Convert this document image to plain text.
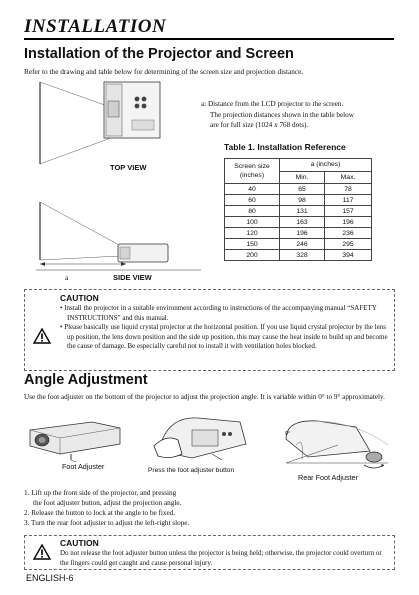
INSTALLATION
Installation of the Projector and Screen
Refer to the drawing and table below for determining of the screen size and projection distance.
TOP VIEW
a	SIDE VIEW
a: Distance from the LCD projector to the screen.
The projection distances shown in the table below
are for full size (1024 x 768 dots).
Table 1. Installation Reference
Screen size
(inches)	a (inches)	
	Min.	Max.
40	65	78
60	98	117
80	131	157
100	163	196
120	196	236
150	246	295
200	328	394
CAUTION
• Install the projector in a suitable environment according to instructions of the accompanying manual “SAFETY INSTRUCTIONS” and this manual.
• Please basically use liquid crystal projector at the horizontal position. If you use liquid crystal projector by the lens up position, the lens down position and the side up position, this may cause the heat inside to build up and become the cause of damage. Be especially careful not to install it with ventilation holes blocked.
Angle Adjustment
Use the foot adjuster on the bottom of the projector to adjust the projection angle. It is variable within 0° to 9° approximately.
Foot Adjuster	Press the foot adjuster button
9°
Rear Foot Adjuster
1. Lift up the front side of the projector, and pressing
the foot adjuster button, adjust the projection angle.
2. Release the button to lock at the angle to be fixed.
3. Turn the rear foot adjuster to adjust the left-right slope.
CAUTION
Do not release the foot adjuster button unless the projector is being held; otherwise, the projector could overturn or the fingers could get caught and cause personal injury.
ENGLISH-6
